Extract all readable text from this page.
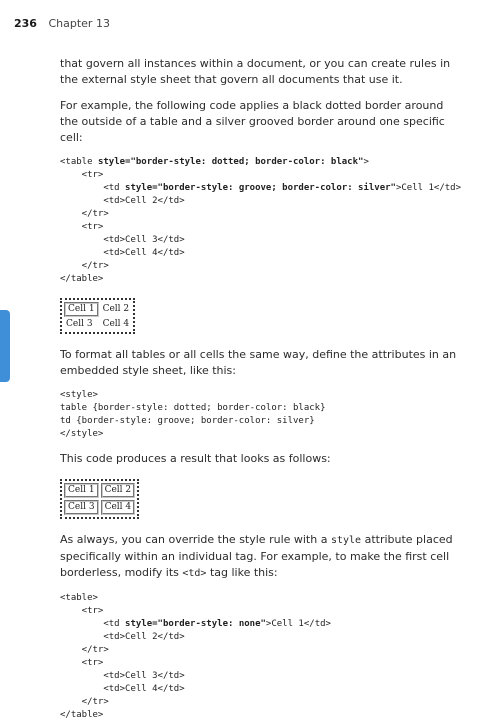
236 Chapter 13

that govern all instances within a document, or you can create rules in the external style sheet that govern all documents that use it.

For example, the following code applies a black dotted border around the outside of a table and a silver grooved border around one specific cell:

<table style="border-style: dotted; border-color: black">
<tr>
<td style="border-style: groove; border-color: silver">Cell 1</td>
<td>Cell 2</td>
</tr>
<tr>
<td>Cell 3</td>
<td>Cell 4</td>
</tr>
</table>
Cell 1	Cell 2
Cell 3	Cell 4

To format all tables or all cells the same way, define the attributes in an embedded style sheet, like this:

<style>
table {border-style: dotted; border-color: black}
td {border-style: groove; border-color: silver}
</style>

This code produces a result that looks as follows:

Cell 1	Cell 2
Cell 3	Cell 4

As always, you can override the style rule with a style attribute placed specifically within an individual tag. For example, to make the first cell borderless, modify its <td> tag like this:

<table>
<tr>
<td style="border-style: none">Cell 1</td>
<td>Cell 2</td>
</tr>
<tr>
<td>Cell 3</td>
<td>Cell 4</td>
</tr>
</table>
